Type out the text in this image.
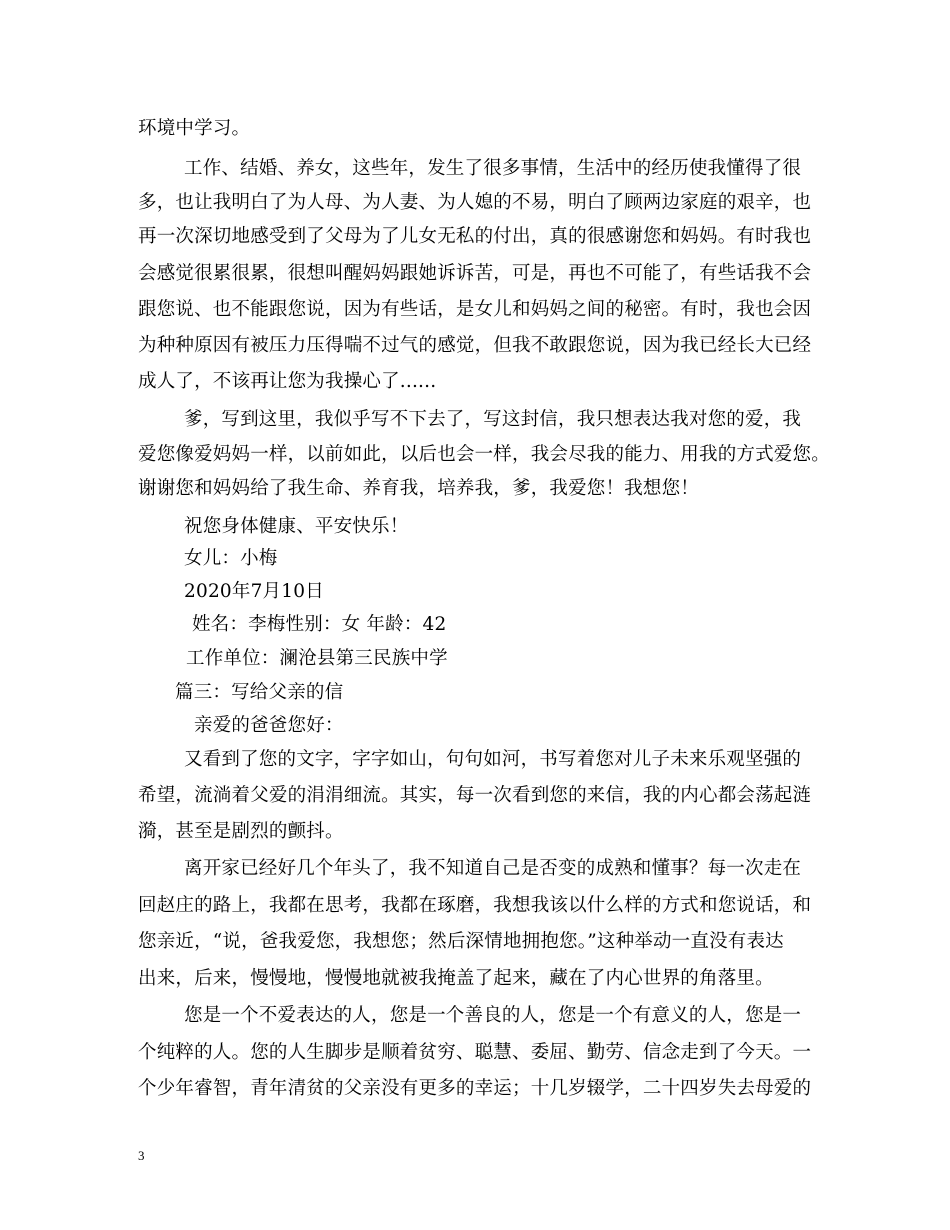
环境中学习。
工作、结婚、养女，这些年，发生了很多事情，生活中的经历使我懂得了很
多，也让我明白了为人母、为人妻、为人媳的不易，明白了顾两边家庭的艰辛，也
再一次深切地感受到了父母为了儿女无私的付出，真的很感谢您和妈妈。有时我也
会感觉很累很累，很想叫醒妈妈跟她诉诉苦，可是，再也不可能了，有些话我不会
跟您说、也不能跟您说，因为有些话，是女儿和妈妈之间的秘密。有时，我也会因
为种种原因有被压力压得喘不过气的感觉，但我不敢跟您说，因为我已经长大已经
成人了，不该再让您为我操心了......
爹，写到这里，我似乎写不下去了，写这封信，我只想表达我对您的爱，我
爱您像爱妈妈一样，以前如此，以后也会一样，我会尽我的能力、用我的方式爱您。
谢谢您和妈妈给了我生命、养育我，培养我，爹，我爱您！我想您！
祝您身体健康、平安快乐！
女儿：小梅
2020年7月10日
姓名：李梅性别：女 年龄：42
工作单位：澜沧县第三民族中学
篇三：写给父亲的信
亲爱的爸爸您好：
又看到了您的文字，字字如山，句句如河，书写着您对儿子未来乐观坚强的
希望，流淌着父爱的涓涓细流。其实，每一次看到您的来信，我的内心都会荡起涟
漪，甚至是剧烈的颤抖。
离开家已经好几个年头了，我不知道自己是否变的成熟和懂事？每一次走在
回赵庄的路上，我都在思考，我都在琢磨，我想我该以什么样的方式和您说话，和
您亲近，“说，爸我爱您，我想您；然后深情地拥抱您。”这种举动一直没有表达
出来，后来，慢慢地，慢慢地就被我掩盖了起来，藏在了内心世界的角落里。
您是一个不爱表达的人，您是一个善良的人，您是一个有意义的人，您是一
个纯粹的人。您的人生脚步是顺着贫穷、聪慧、委屈、勤劳、信念走到了今天。一
个少年睿智，青年清贫的父亲没有更多的幸运；十几岁辍学，二十四岁失去母爱的
3
